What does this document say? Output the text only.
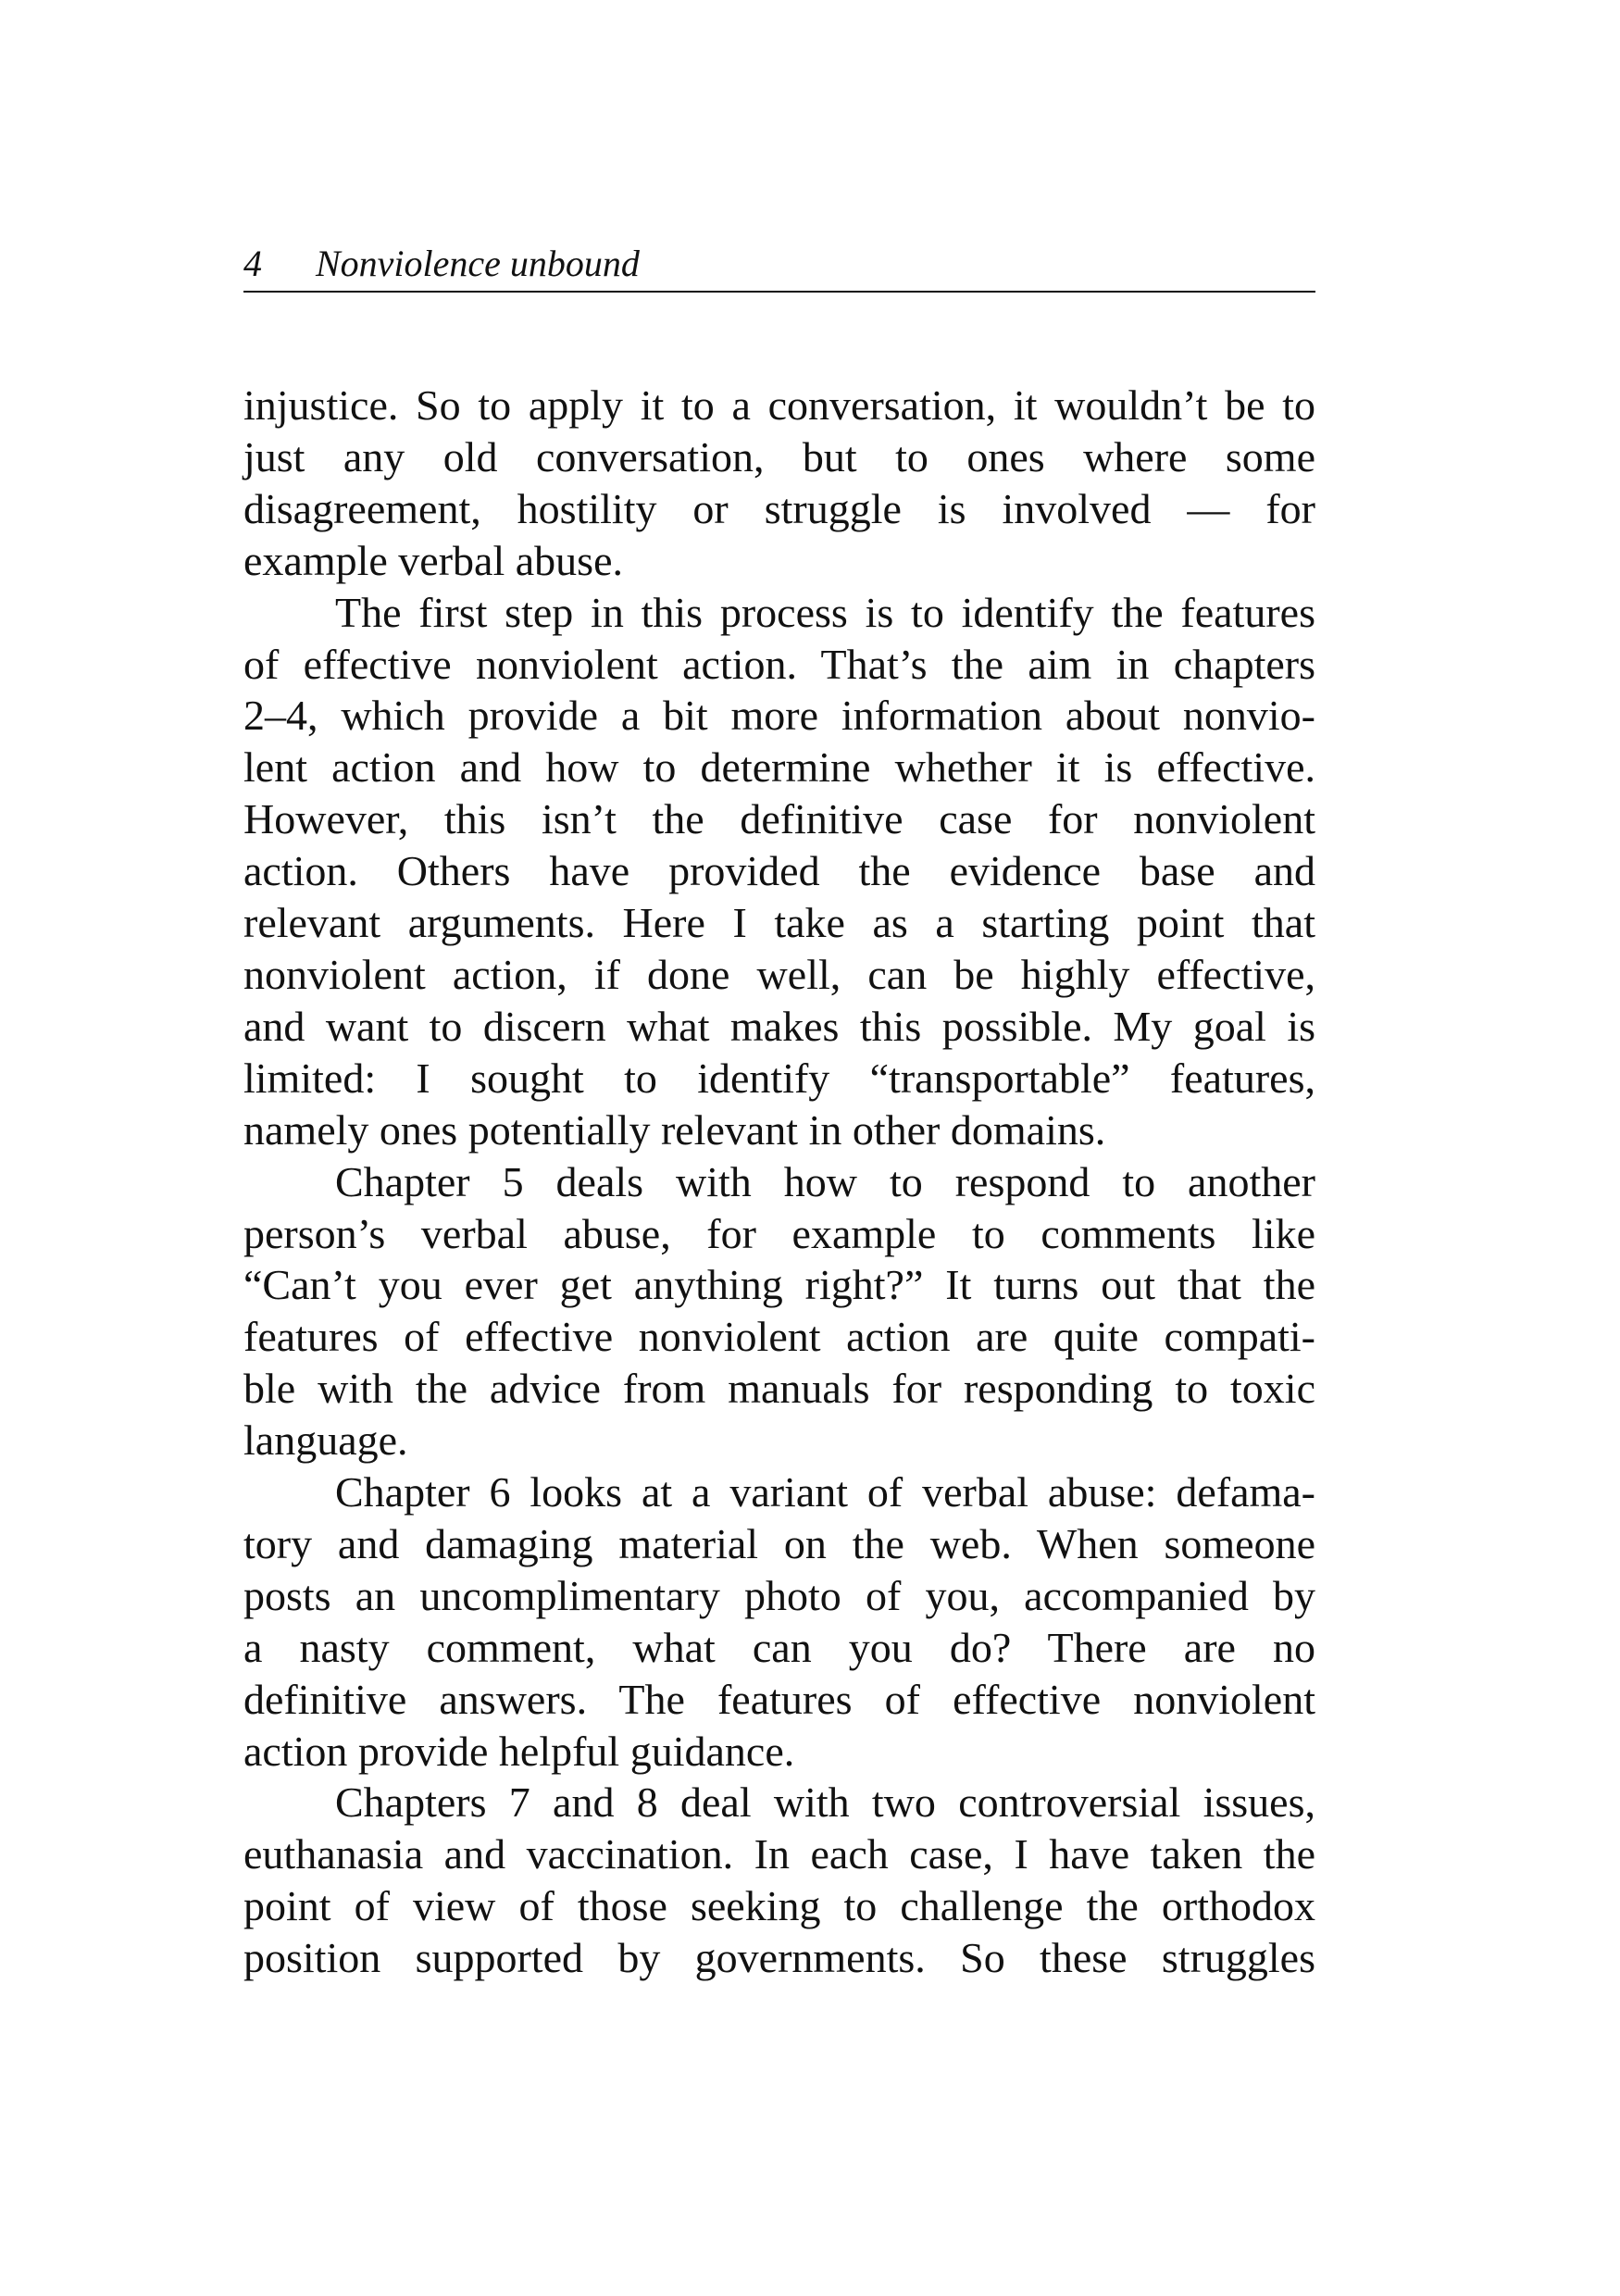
4 Nonviolence unbound

injustice. So to apply it to a conversation, it wouldn’t be to

just any old conversation, but to ones where some

disagreement, hostility or struggle is involved — for

example verbal abuse.

The first step in this process is to identify the features

of effective nonviolent action. That’s the aim in chapters

2–4, which provide a bit more information about nonvio-

lent action and how to determine whether it is effective.

However, this isn’t the definitive case for nonviolent

action. Others have provided the evidence base and

relevant arguments. Here I take as a starting point that

nonviolent action, if done well, can be highly effective,

and want to discern what makes this possible. My goal is

limited: I sought to identify “transportable” features,

namely ones potentially relevant in other domains.

Chapter 5 deals with how to respond to another

person’s verbal abuse, for example to comments like

“Can’t you ever get anything right?” It turns out that the

features of effective nonviolent action are quite compati-

ble with the advice from manuals for responding to toxic

language.

Chapter 6 looks at a variant of verbal abuse: defama-

tory and damaging material on the web. When someone

posts an uncomplimentary photo of you, accompanied by

a nasty comment, what can you do? There are no

definitive answers. The features of effective nonviolent

action provide helpful guidance.

Chapters 7 and 8 deal with two controversial issues,

euthanasia and vaccination. In each case, I have taken the

point of view of those seeking to challenge the orthodox

position supported by governments. So these struggles
